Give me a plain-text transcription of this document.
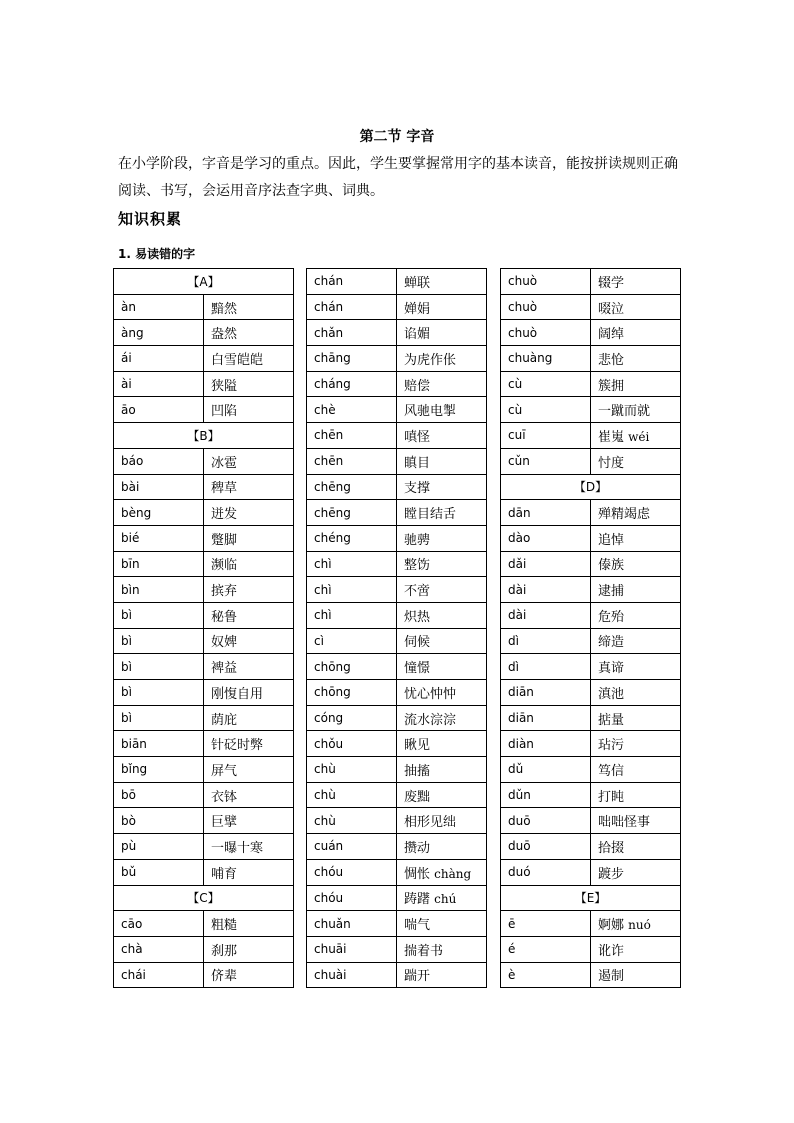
第二节 字音
在小学阶段，字音是学习的重点。因此，学生要掌握常用字的基本读音，能按拼读规则正确阅读、书写，会运用音序法查字典、词典。
知识积累
1. 易读错的字
【A】	
àn	黯然
àng	盎然
ái	白雪皑皑
ài	狭隘
āo	凹陷
【B】	
báo	冰雹
bài	稗草
bèng	迸发
bié	蹩脚
bīn	濒临
bìn	摈弃
bì	秘鲁
bì	奴婢
bì	裨益
bì	刚愎自用
bì	荫庇
biān	针砭时弊
bǐng	屏气
bō	衣钵
bò	巨擘
pù	一曝十寒
bǔ	哺育
【C】	
cāo	粗糙
chà	刹那
chái	侪辈
chán	蝉联
chán	婵娟
chǎn	谄媚
chāng	为虎作伥
cháng	赔偿
chè	风驰电掣
chēn	嗔怪
chēn	瞋目
chēng	支撑
chēng	瞠目结舌
chéng	驰骋
chì	整饬
chì	不啻
chì	炽热
cì	伺候
chōng	憧憬
chōng	忧心忡忡
cóng	流水淙淙
chǒu	瞅见
chù	抽搐
chù	废黜
chù	相形见绌
cuán	攒动
chóu	惆怅 chàng
chóu	踌躇 chú
chuǎn	喘气
chuāi	揣着书
chuài	踹开
chuò	辍学
chuò	啜泣
chuò	阔绰
chuàng	悲怆
cù	簇拥
cù	一蹴而就
cuī	崔嵬 wéi
cǔn	忖度
【D】	
dān	殚精竭虑
dào	追悼
dǎi	傣族
dài	逮捕
dài	危殆
dì	缔造
dì	真谛
diān	滇池
diān	掂量
diàn	玷污
dǔ	笃信
dǔn	打盹
duō	咄咄怪事
duō	拾掇
duó	踱步
【E】	
ē	婀娜 nuó
é	讹诈
è	遏制
